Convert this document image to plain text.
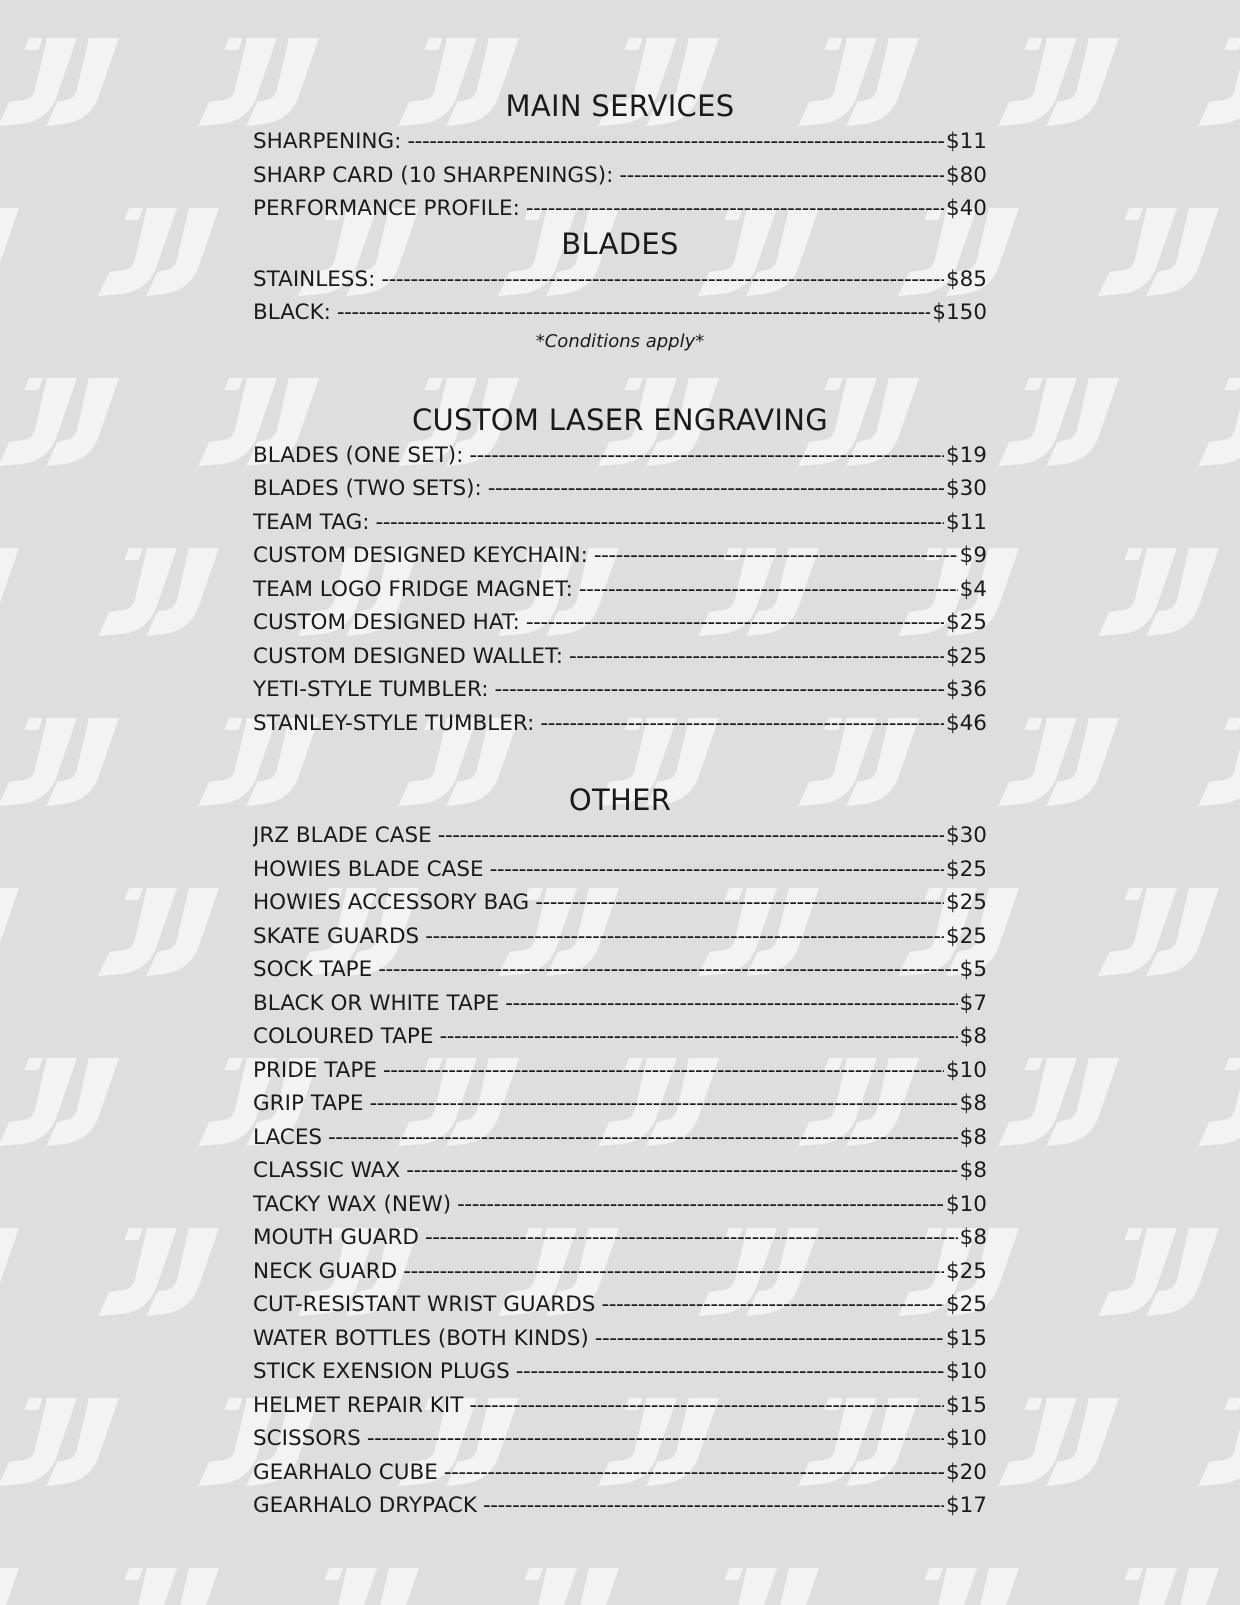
MAIN SERVICES
SHARPENING: -----	$11
SHARP CARD (10 SHARPENINGS): -----	$80
PERFORMANCE PROFILE: -----	$40
BLADES
STAINLESS: -----	$85
BLACK: -----	$150
*Conditions apply*
CUSTOM LASER ENGRAVING
BLADES (ONE SET): -----	$19
BLADES (TWO SETS): -----	$30
TEAM TAG: -----	$11
CUSTOM DESIGNED KEYCHAIN: -----	$9
TEAM LOGO FRIDGE MAGNET: -----	$4
CUSTOM DESIGNED HAT: -----	$25
CUSTOM DESIGNED WALLET: -----	$25
YETI-STYLE TUMBLER: -----	$36
STANLEY-STYLE TUMBLER: -----	$46
OTHER
JRZ BLADE CASE -----	$30
HOWIES BLADE CASE -----	$25
HOWIES ACCESSORY BAG -----	$25
SKATE GUARDS -----	$25
SOCK TAPE -----	$5
BLACK OR WHITE TAPE -----	$7
COLOURED TAPE -----	$8
PRIDE TAPE -----	$10
GRIP TAPE -----	$8
LACES -----	$8
CLASSIC WAX -----	$8
TACKY WAX (NEW) -----	$10
MOUTH GUARD -----	$8
NECK GUARD -----	$25
CUT-RESISTANT WRIST GUARDS -----	$25
WATER BOTTLES (BOTH KINDS) -----	$15
STICK EXENSION PLUGS -----	$10
HELMET REPAIR KIT -----	$15
SCISSORS -----	$10
GEARHALO CUBE -----	$20
GEARHALO DRYPACK -----	$17
